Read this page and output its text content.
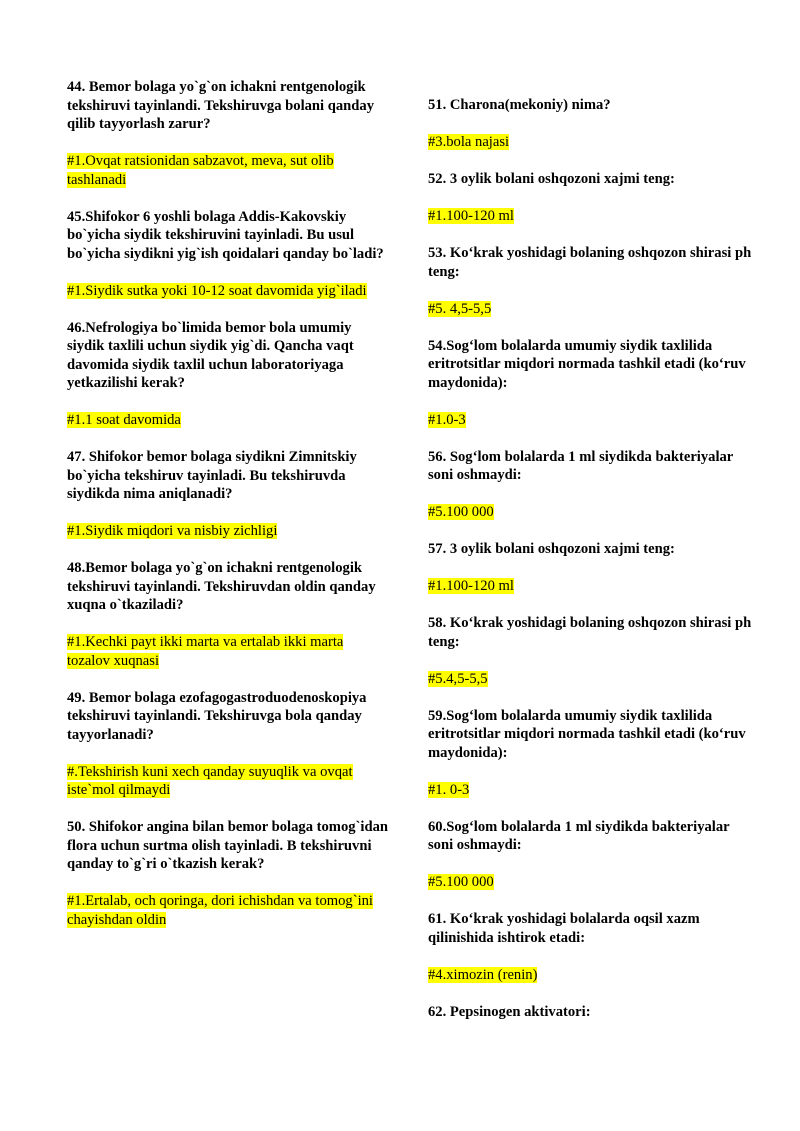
44. Bemor bolaga yo`g`on ichakni rentgenologik tekshiruvi tayinlandi. Tekshiruvga bolani qanday qilib tayyorlash zarur?

#1.Ovqat ratsionidan sabzavot, meva, sut olib tashlanadi

45.Shifokor 6 yoshli bolaga Addis-Kakovskiy bo`yicha siydik tekshiruvini tayinladi. Bu usul bo`yicha siydikni yig`ish qoidalari qanday bo`ladi?

#1.Siydik sutka yoki 10-12 soat davomida yig`iladi

46.Nefrologiya bo`limida bemor bola umumiy siydik taxlili uchun siydik yig`di. Qancha vaqt davomida siydik taxlil uchun laboratoriyaga yetkazilishi kerak?

#1.1 soat davomida

47. Shifokor bemor bolaga siydikni Zimnitskiy bo`yicha tekshiruv tayinladi. Bu tekshiruvda siydikda nima aniqlanadi?

#1.Siydik miqdori va nisbiy zichligi

48.Bemor bolaga yo`g`on ichakni rentgenologik tekshiruvi tayinlandi. Tekshiruvdan oldin qanday xuqna o`tkaziladi?

#1.Kechki payt ikki marta va ertalab ikki marta tozalov xuqnasi

49. Bemor bolaga ezofagogastroduodenoskopiya tekshiruvi tayinlandi. Tekshiruvga bola qanday tayyorlanadi?

#.Tekshirish kuni xech qanday suyuqlik va ovqat iste`mol qilmaydi

50. Shifokor angina bilan bemor bolaga tomog`idan flora uchun surtma olish tayinladi. B tekshiruvni qanday to`g`ri o`tkazish kerak?

#1.Ertalab, och qoringa, dori ichishdan va tomog`ini chayishdan oldin

51. Charona(mekoniy) nima?

#3.bola najasi

52. 3 oylik bolani oshqozoni xajmi teng:

#1.100-120 ml

53. Ko‘krak yoshidagi bolaning oshqozon shirasi ph teng:

#5. 4,5-5,5

54.Sog‘lom bolalarda umumiy siydik taxlilida eritrotsitlar miqdori normada tashkil etadi (ko‘ruv maydonida):

#1.0-3

56. Sog‘lom bolalarda 1 ml siydikda bakteriyalar soni oshmaydi:

#5.100 000

57. 3 oylik bolani oshqozoni xajmi teng:

#1.100-120 ml

58. Ko‘krak yoshidagi bolaning oshqozon shirasi ph teng:

#5.4,5-5,5

59.Sog‘lom bolalarda umumiy siydik taxlilida eritrotsitlar miqdori normada tashkil etadi (ko‘ruv maydonida):

#1. 0-3

60.Sog‘lom bolalarda 1 ml siydikda bakteriyalar soni oshmaydi:

#5.100 000

61. Ko‘krak yoshidagi bolalarda oqsil xazm qilinishida ishtirok etadi:

#4.ximozin (renin)

62. Pepsinogen aktivatori:
